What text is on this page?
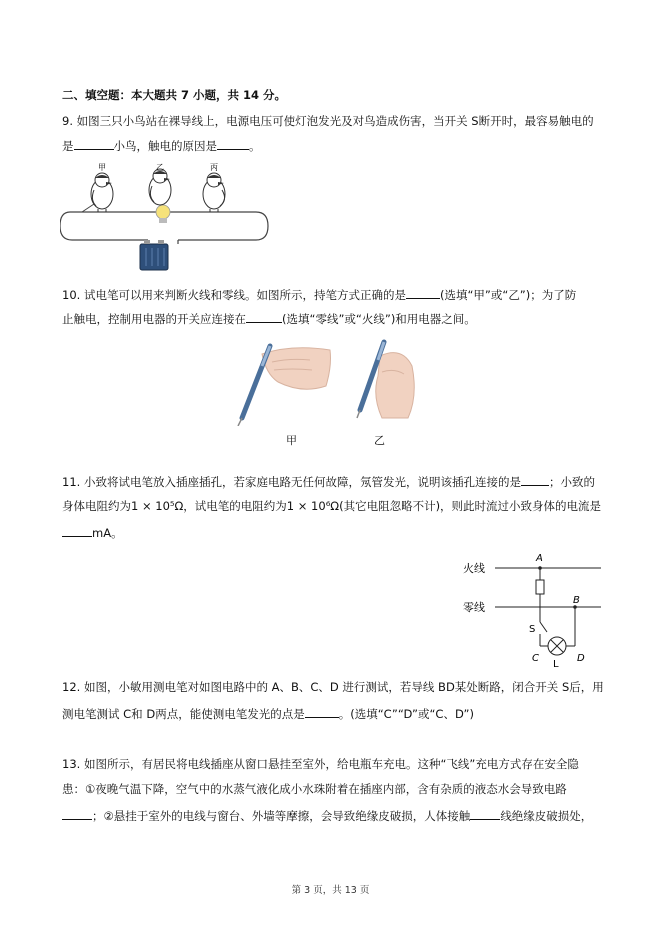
二、填空题：本大题共 7 小题，共 14 分。
9. 如图三只小鸟站在裸导线上，电源电压可使灯泡发光及对鸟造成伤害，当开关 S断开时，最容易触电的
是	小鸟，触电的原因是	。
甲	乙	丙
10. 试电笔可以用来判断火线和零线。如图所示，持笔方式正确的是	(选填“甲”或“乙”)；为了防
止触电，控制用电器的开关应连接在	(选填“零线”或“火线”)和用电器之间。
甲	乙
11. 小致将试电笔放入插座插孔，若家庭电路无任何故障，氖管发光，说明该插孔连接的是 ；小致的
身体电阻约为1 × 10⁵Ω，试电笔的电阻约为1 × 10⁶Ω(其它电阻忽略不计)，则此时流过小致身体的电流是
mA。
火线
零线
A
S
B
C
L
D
12. 如图，小敏用测电笔对如图电路中的 A、B、C、D 进行测试，若导线 BD某处断路，闭合开关 S后，用
测电笔测试 C和 D两点，能使测电笔发光的点是	。(选填“C”“D”或“C、D”)
13. 如图所示，有居民将电线插座从窗口悬挂至室外，给电瓶车充电。这种“飞线”充电方式存在安全隐
患：①夜晚气温下降，空气中的水蒸气液化成小水珠附着在插座内部，含有杂质的液态水会导致电路
；②悬挂于室外的电线与窗台、外墙等摩擦，会导致绝缘皮破损，人体接触	线绝缘皮破损处，
第 3 页，共 13 页
